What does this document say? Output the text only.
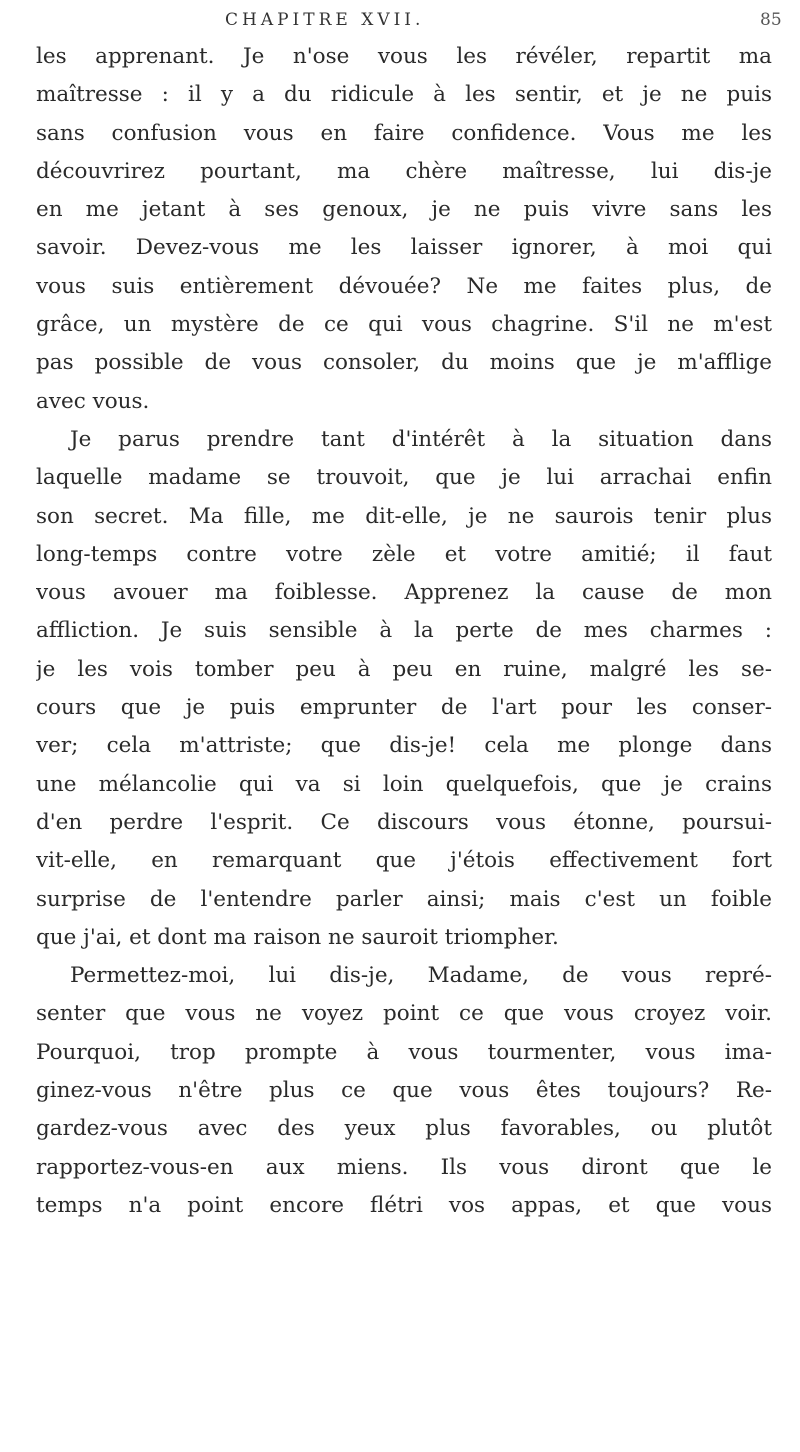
CHAPITRE XVII.	85
les apprenant. Je n'ose vous les révéler, repartit ma
maîtresse : il y a du ridicule à les sentir, et je ne puis
sans confusion vous en faire confidence. Vous me les
découvrirez pourtant, ma chère maîtresse, lui dis-je
en me jetant à ses genoux, je ne puis vivre sans les
savoir. Devez-vous me les laisser ignorer, à moi qui
vous suis entièrement dévouée? Ne me faites plus, de
grâce, un mystère de ce qui vous chagrine. S'il ne m'est
pas possible de vous consoler, du moins que je m'afflige
avec vous.
Je parus prendre tant d'intérêt à la situation dans
laquelle madame se trouvoit, que je lui arrachai enfin
son secret. Ma fille, me dit-elle, je ne saurois tenir plus
long-temps contre votre zèle et votre amitié; il faut
vous avouer ma foiblesse. Apprenez la cause de mon
affliction. Je suis sensible à la perte de mes charmes :
je les vois tomber peu à peu en ruine, malgré les se-
cours que je puis emprunter de l'art pour les conser-
ver; cela m'attriste; que dis-je! cela me plonge dans
une mélancolie qui va si loin quelquefois, que je crains
d'en perdre l'esprit. Ce discours vous étonne, poursui-
vit-elle, en remarquant que j'étois effectivement fort
surprise de l'entendre parler ainsi; mais c'est un foible
que j'ai, et dont ma raison ne sauroit triompher.
Permettez-moi, lui dis-je, Madame, de vous repré-
senter que vous ne voyez point ce que vous croyez voir.
Pourquoi, trop prompte à vous tourmenter, vous ima-
ginez-vous n'être plus ce que vous êtes toujours? Re-
gardez-vous avec des yeux plus favorables, ou plutôt
rapportez-vous-en aux miens. Ils vous diront que le
temps n'a point encore flétri vos appas, et que vous
